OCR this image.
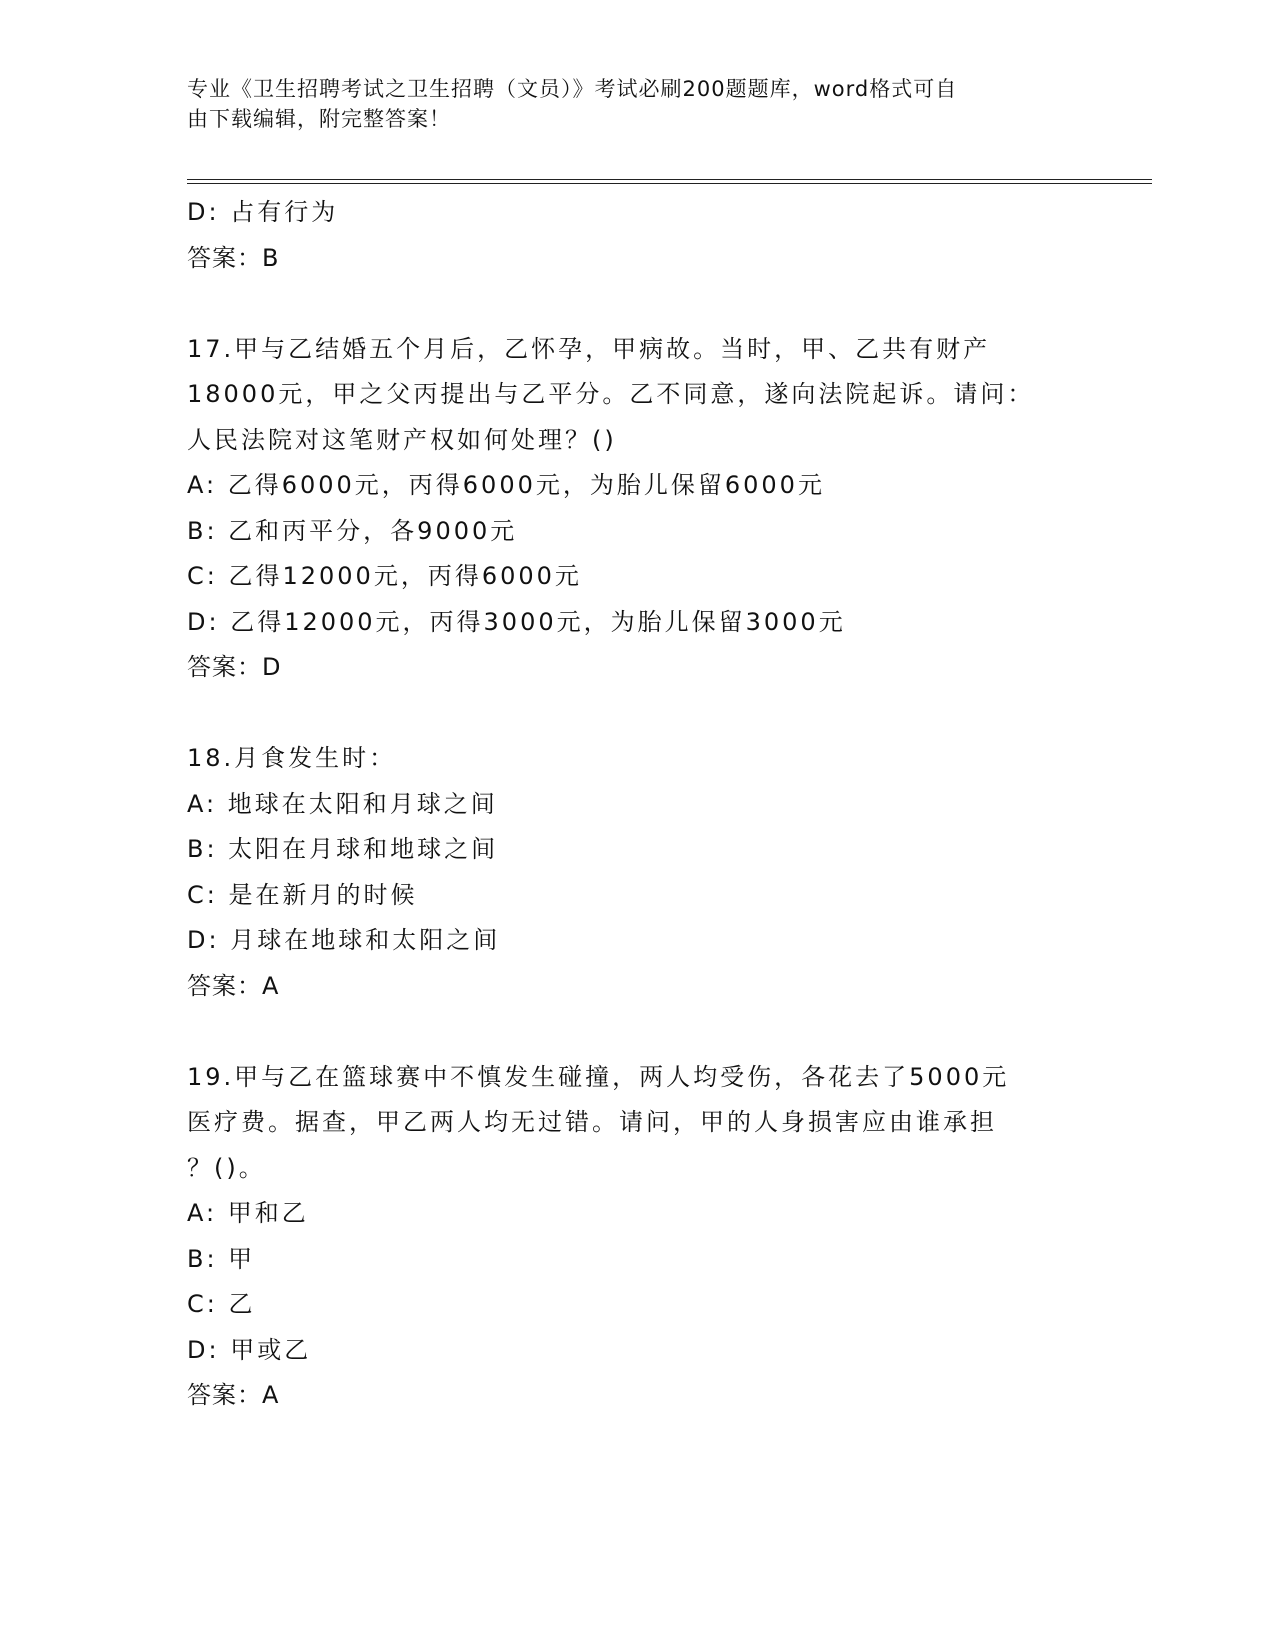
专业《卫生招聘考试之卫生招聘（文员）》考试必刷200题题库，word格式可自
由下载编辑，附完整答案！
D: 占有行为
答案：B
17.甲与乙结婚五个月后，乙怀孕，甲病故。当时，甲、乙共有财产
18000元，甲之父丙提出与乙平分。乙不同意，遂向法院起诉。请问：
人民法院对这笔财产权如何处理？()
A: 乙得6000元，丙得6000元，为胎儿保留6000元
B: 乙和丙平分，各9000元
C: 乙得12000元，丙得6000元
D: 乙得12000元，丙得3000元，为胎儿保留3000元
答案：D
18.月食发生时：
A: 地球在太阳和月球之间
B: 太阳在月球和地球之间
C: 是在新月的时候
D: 月球在地球和太阳之间
答案：A
19.甲与乙在篮球赛中不慎发生碰撞，两人均受伤，各花去了5000元
医疗费。据查，甲乙两人均无过错。请问，甲的人身损害应由谁承担
？()。
A: 甲和乙
B: 甲
C: 乙
D: 甲或乙
答案：A
